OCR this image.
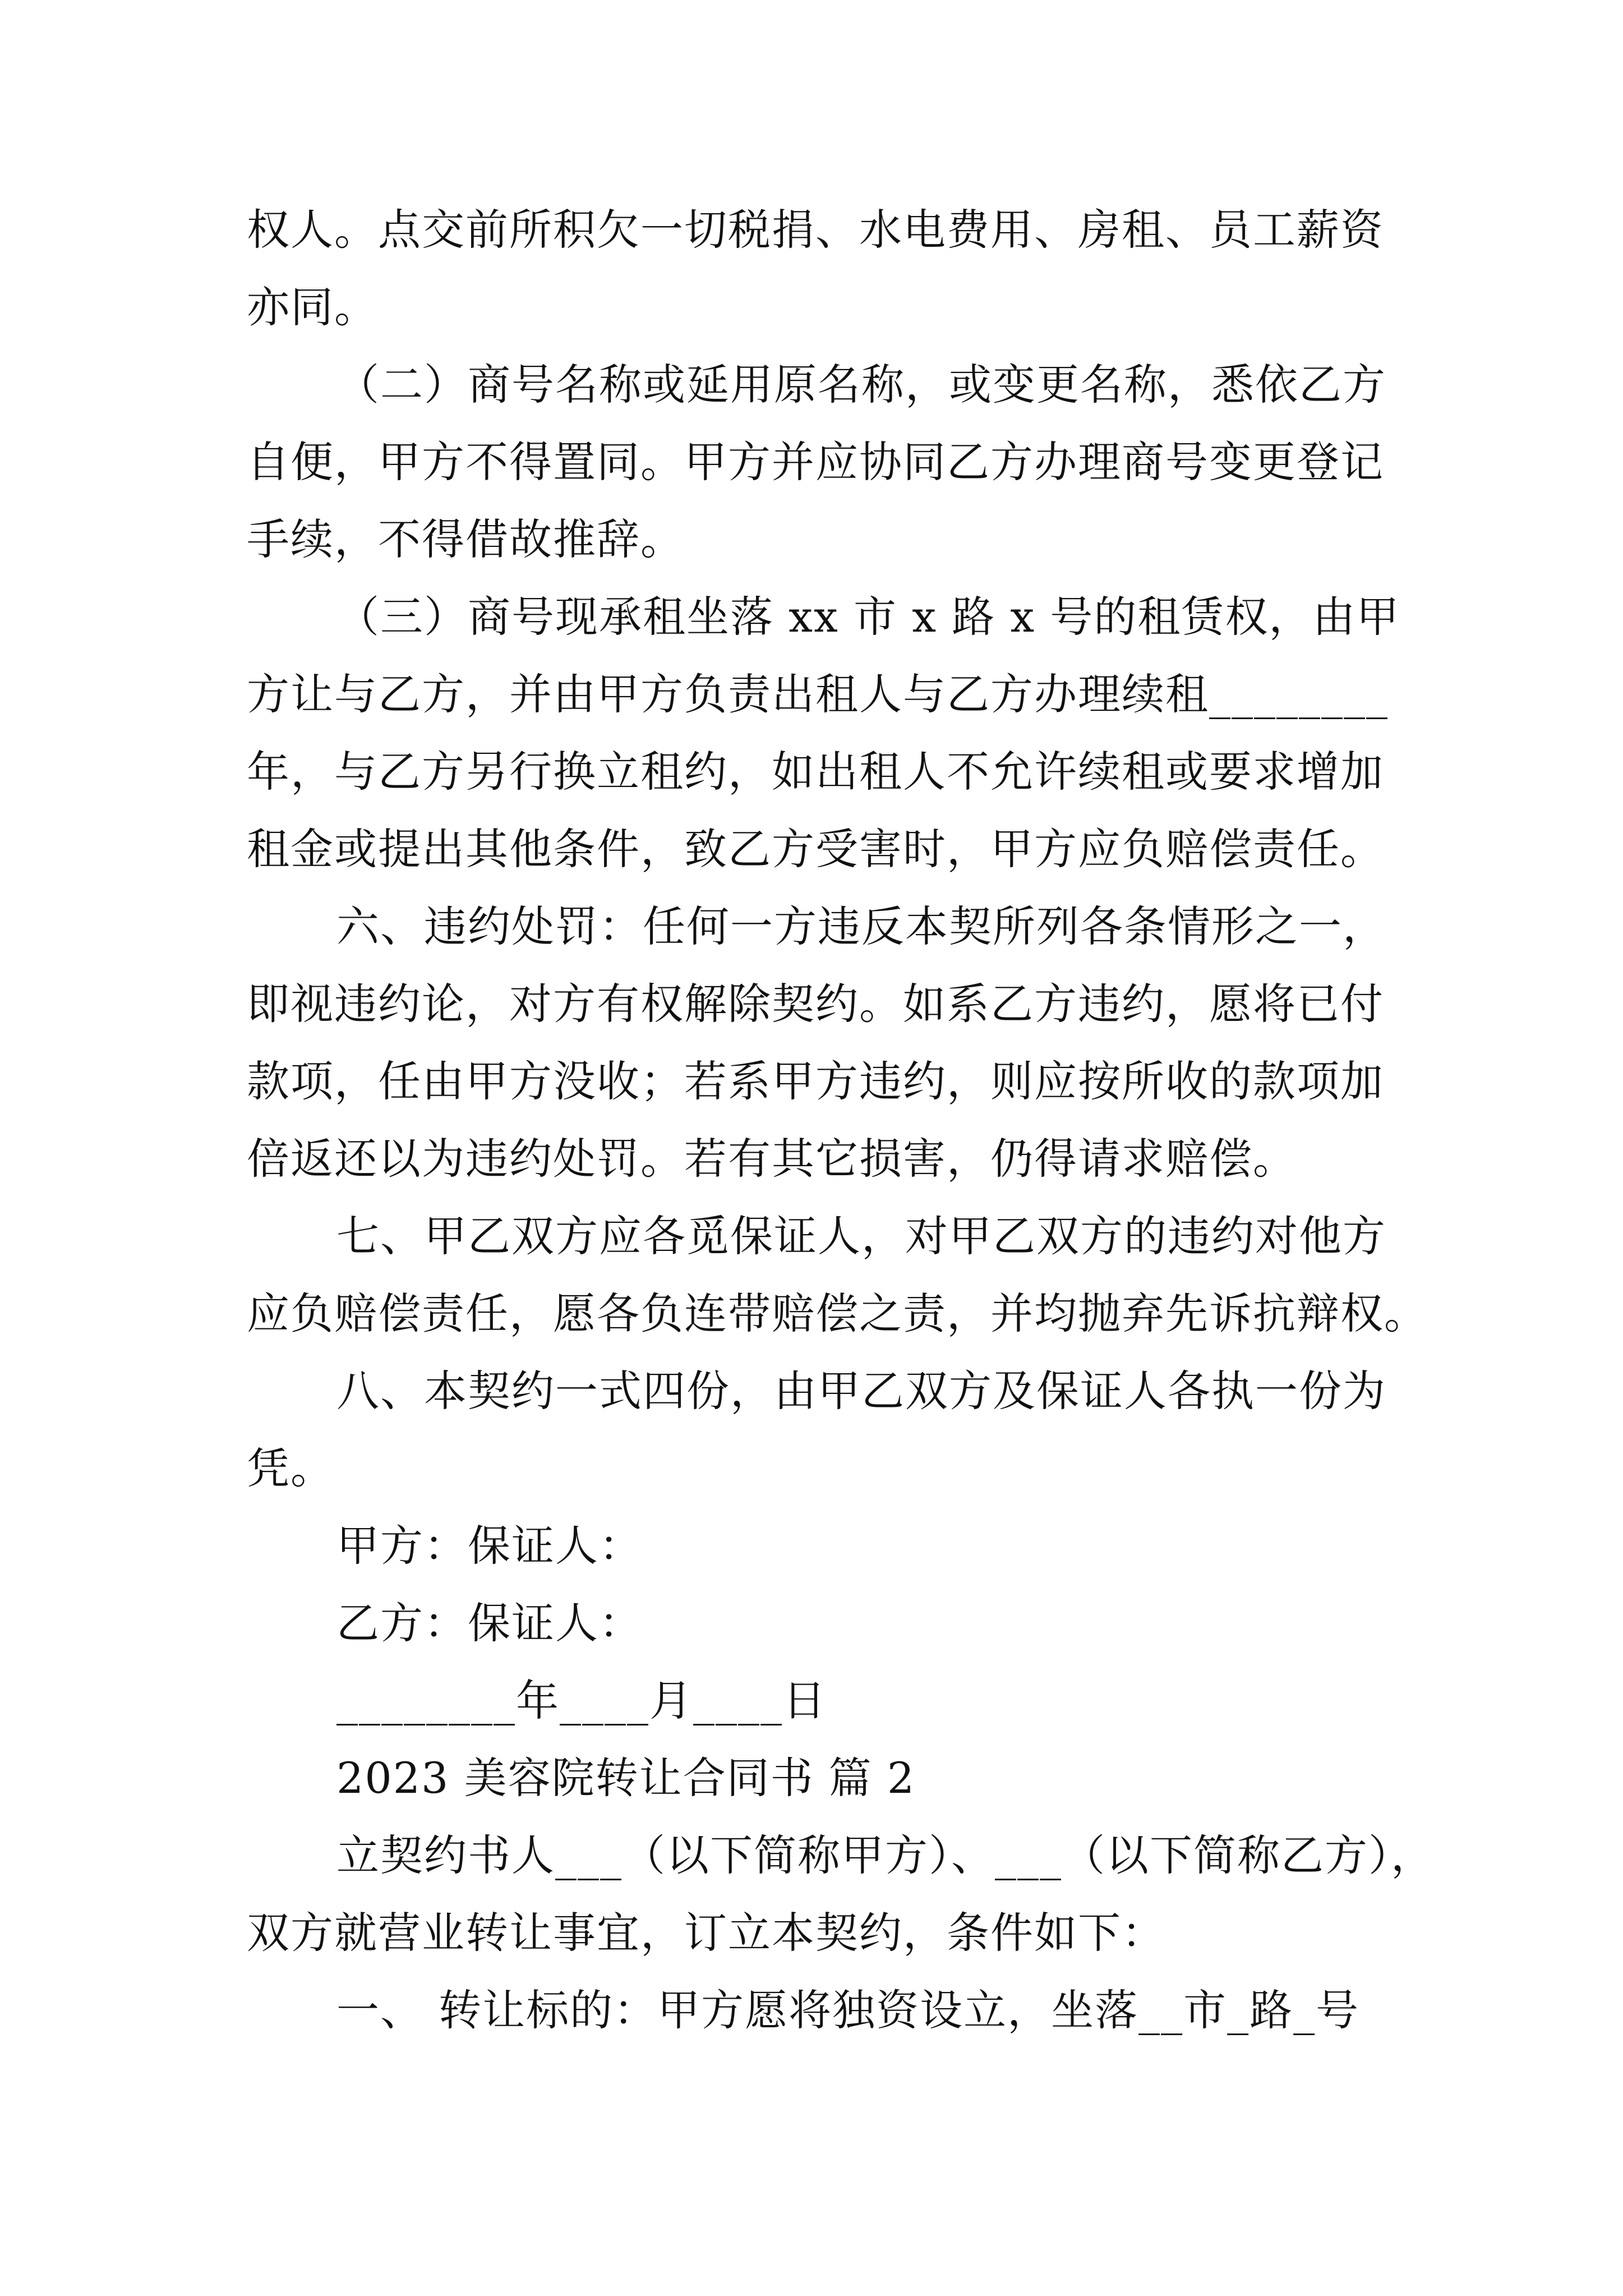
权人。点交前所积欠一切税捐、水电费用、房租、员工薪资
亦同。
（二）商号名称或延用原名称，或变更名称，悉依乙方
自便，甲方不得置同。甲方并应协同乙方办理商号变更登记
手续，不得借故推辞。
（三）商号现承租坐落 xx 市 x 路 x 号的租赁权，由甲
方让与乙方，并由甲方负责出租人与乙方办理续租________
年，与乙方另行换立租约，如出租人不允许续租或要求增加
租金或提出其他条件，致乙方受害时，甲方应负赔偿责任。
六、违约处罚：任何一方违反本契所列各条情形之一，
即视违约论，对方有权解除契约。如系乙方违约，愿将已付
款项，任由甲方没收；若系甲方违约，则应按所收的款项加
倍返还以为违约处罚。若有其它损害，仍得请求赔偿。
七、甲乙双方应各觅保证人，对甲乙双方的违约对他方
应负赔偿责任，愿各负连带赔偿之责，并均抛弃先诉抗辩权。
八、本契约一式四份，由甲乙双方及保证人各执一份为
凭。
甲方：保证人：
乙方：保证人：
________年____月____日
2023 美容院转让合同书 篇 2
立契约书人___（以下简称甲方）、___（以下简称乙方），
双方就营业转让事宜，订立本契约，条件如下：
一、 转让标的：甲方愿将独资设立，坐落__市_路_号
